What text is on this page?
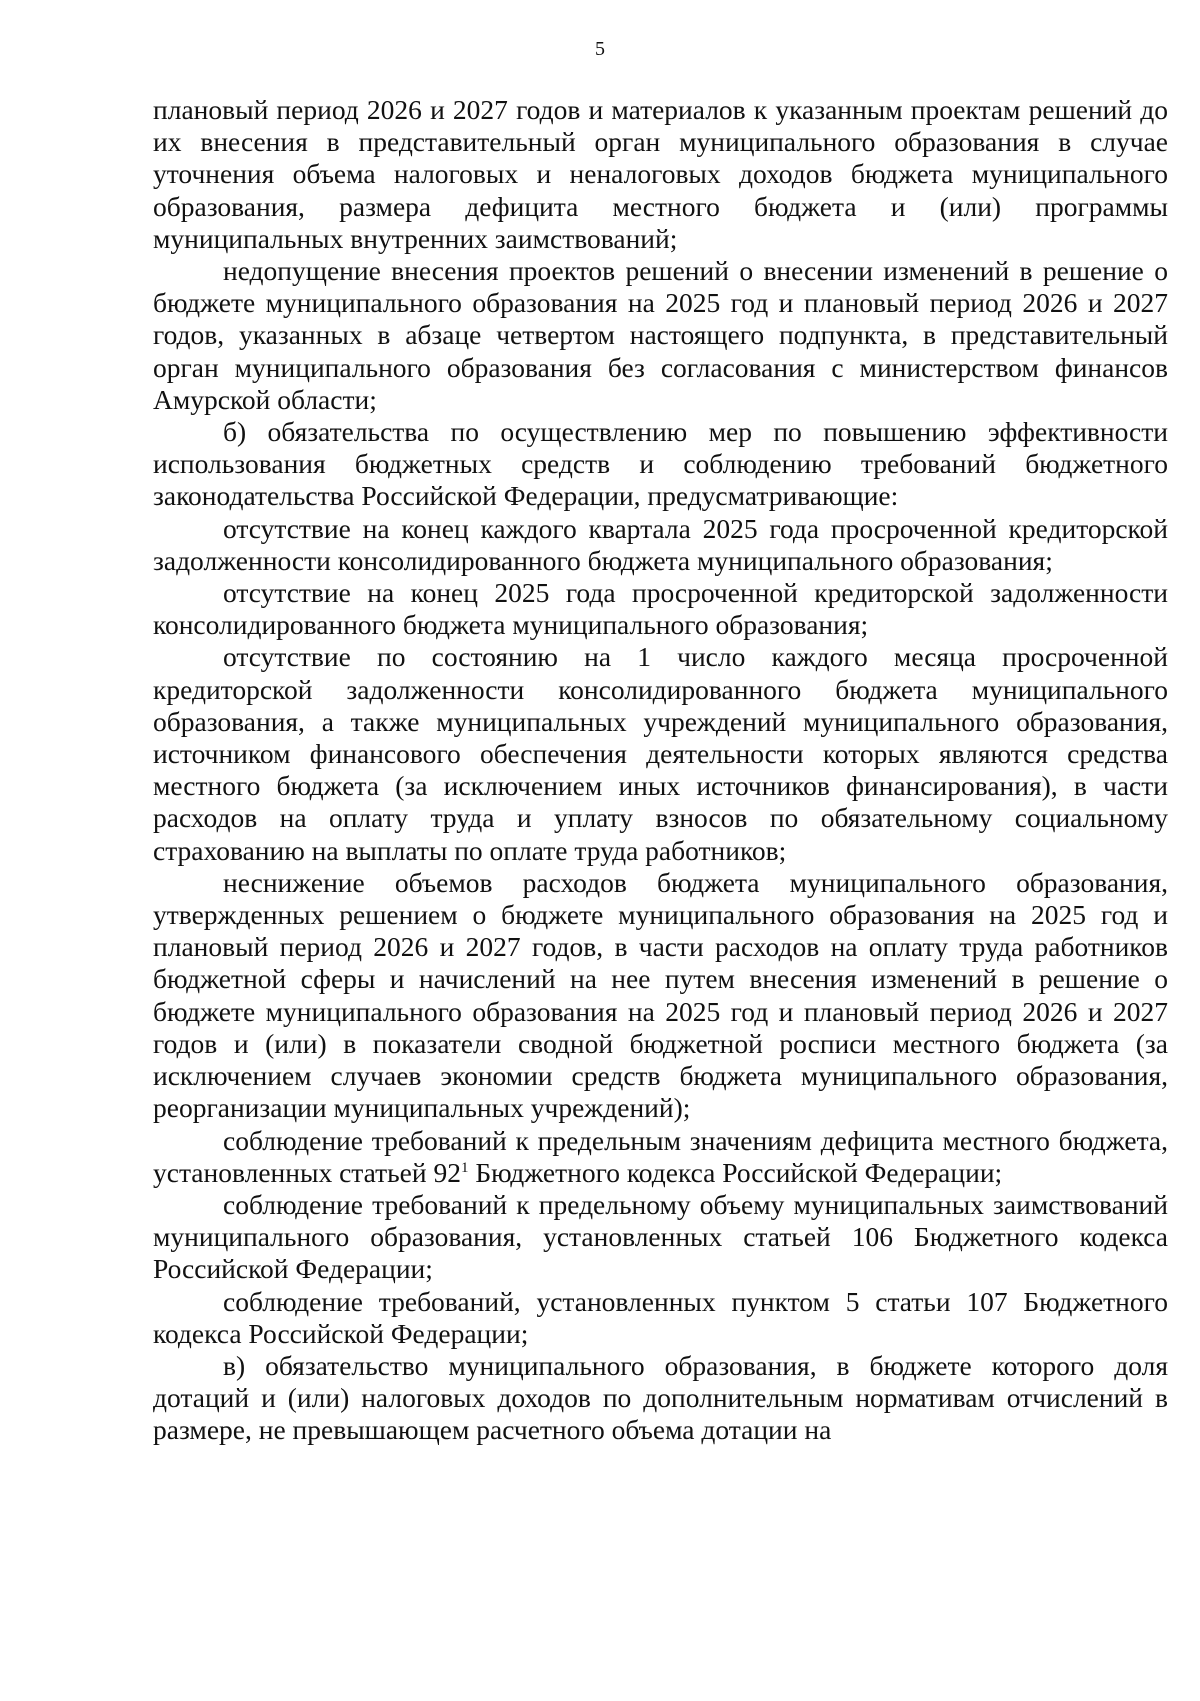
5

плановый период 2026 и 2027 годов и материалов к указанным проектам решений до их внесения в представительный орган муниципального образования в случае уточнения объема налоговых и неналоговых доходов бюджета муниципального образования, размера дефицита местного бюджета и (или) программы муниципальных внутренних заимствований;

недопущение внесения проектов решений о внесении изменений в решение о бюджете муниципального образования на 2025 год и плановый период 2026 и 2027 годов, указанных в абзаце четвертом настоящего подпункта, в представительный орган муниципального образования без согласования с министерством финансов Амурской области;

б) обязательства по осуществлению мер по повышению эффективности использования бюджетных средств и соблюдению требований бюджетного законодательства Российской Федерации, предусматривающие:

отсутствие на конец каждого квартала 2025 года просроченной кредиторской задолженности консолидированного бюджета муниципального образования;

отсутствие на конец 2025 года просроченной кредиторской задолженности консолидированного бюджета муниципального образования;

отсутствие по состоянию на 1 число каждого месяца просроченной кредиторской задолженности консолидированного бюджета муниципального образования, а также муниципальных учреждений муниципального образования, источником финансового обеспечения деятельности которых являются средства местного бюджета (за исключением иных источников финансирования), в части расходов на оплату труда и уплату взносов по обязательному социальному страхованию на выплаты по оплате труда работников;

неснижение объемов расходов бюджета муниципального образования, утвержденных решением о бюджете муниципального образования на 2025 год и плановый период 2026 и 2027 годов, в части расходов на оплату труда работников бюджетной сферы и начислений на нее путем внесения изменений в решение о бюджете муниципального образования на 2025 год и плановый период 2026 и 2027 годов и (или) в показатели сводной бюджетной росписи местного бюджета (за исключением случаев экономии средств бюджета муниципального образования, реорганизации муниципальных учреждений);

соблюдение требований к предельным значениям дефицита местного бюджета, установленных статьей $92^1$ Бюджетного кодекса Российской Федерации;

соблюдение требований к предельному объему муниципальных заимствований муниципального образования, установленных статьей 106 Бюджетного кодекса Российской Федерации;

соблюдение требований, установленных пунктом 5 статьи 107 Бюджетного кодекса Российской Федерации;

в) обязательство муниципального образования, в бюджете которого доля дотаций и (или) налоговых доходов по дополнительным нормативам отчислений в размере, не превышающем расчетного объема дотации на
